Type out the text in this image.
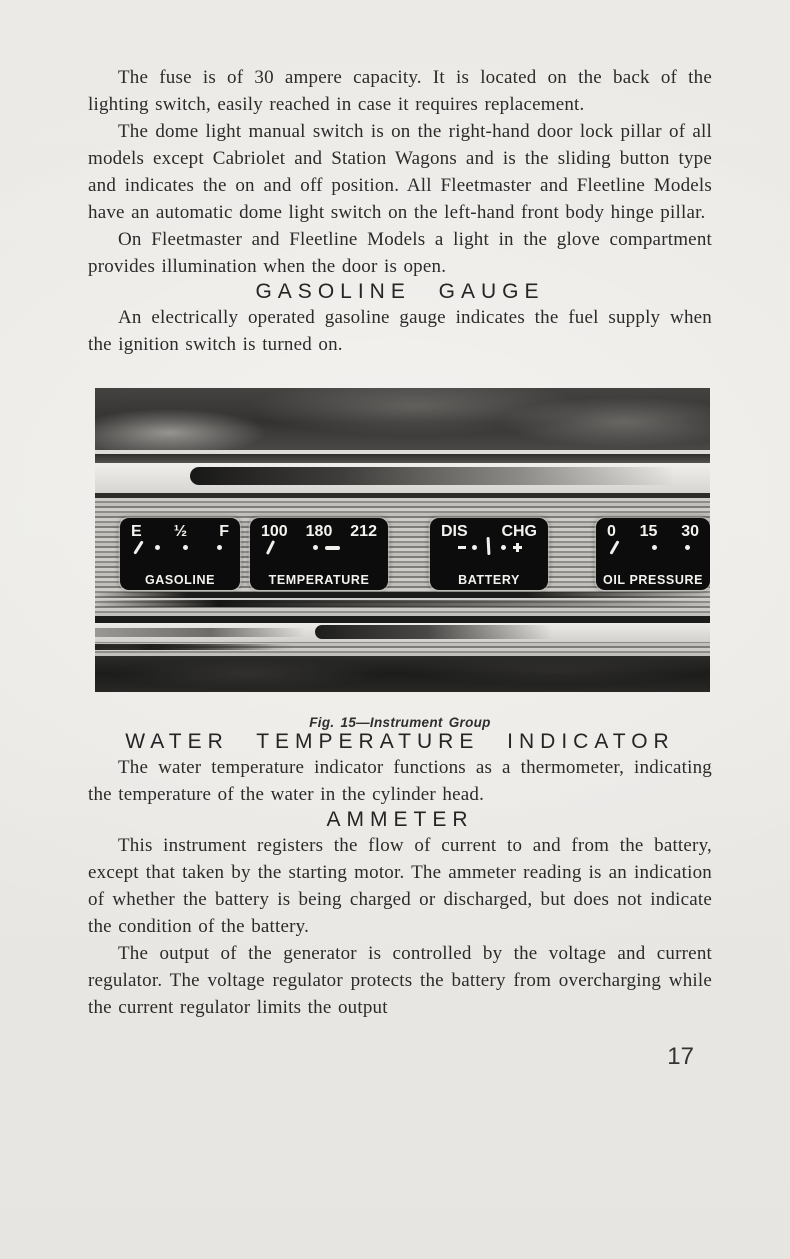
The fuse is of 30 ampere capacity. It is located on the back of the lighting switch, easily reached in case it requires replacement.

The dome light manual switch is on the right-hand door lock pillar of all models except Cabriolet and Station Wagons and is the sliding button type and indicates the on and off position. All Fleetmaster and Fleetline Models have an automatic dome light switch on the left-hand front body hinge pillar.

On Fleetmaster and Fleetline Models a light in the glove compartment provides illumination when the door is open.

GASOLINE GAUGE

An electrically operated gasoline gauge indicates the fuel supply when the ignition switch is turned on.

E ½ F
GASOLINE
100 180 212
TEMPERATURE
DIS CHG
BATTERY
0 15 30
OIL PRESSURE
Fig. 15—Instrument Group
WATER TEMPERATURE INDICATOR

The water temperature indicator functions as a thermometer, indicating the temperature of the water in the cylinder head.

AMMETER

This instrument registers the flow of current to and from the battery, except that taken by the starting motor. The ammeter reading is an indication of whether the battery is being charged or discharged, but does not indicate the condition of the battery.

The output of the generator is controlled by the voltage and current regulator. The voltage regulator protects the battery from overcharging while the current regulator limits the output

17
